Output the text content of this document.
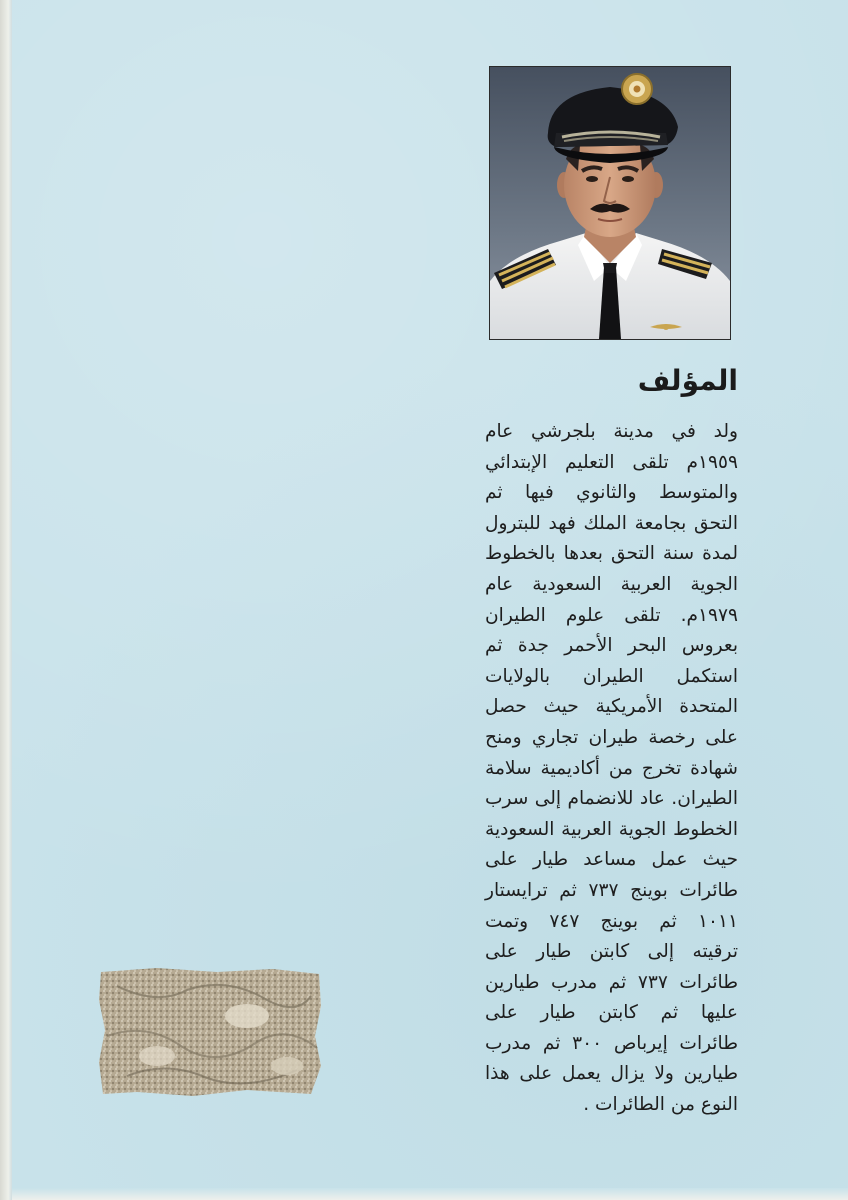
المؤلف
ولد في مدينة بلجرشي عام
١٩٥٩م تلقى التعليم الإبتدائي
والمتوسط والثانوي فيها ثم
التحق بجامعة الملك فهد للبترول
لمدة سنة التحق بعدها بالخطوط
الجوية العربية السعودية عام
١٩٧٩م. تلقى علوم الطيران
بعروس البحر الأحمر جدة ثم
استكمل الطيران بالولايات
المتحدة الأمريكية حيث حصل
على رخصة طيران تجاري ومنح
شهادة تخرج من أكاديمية سلامة
الطيران. عاد للانضمام إلى سرب
الخطوط الجوية العربية السعودية
حيث عمل مساعد طيار على
طائرات بوينج ٧٣٧ ثم ترايستار
١٠١١ ثم بوينج ٧٤٧ وتمت
ترقيته إلى كابتن طيار على
طائرات ٧٣٧ ثم مدرب طيارين
عليها ثم كابتن طيار على
طائرات إيرباص ٣٠٠ ثم مدرب
طيارين ولا يزال يعمل على هذا
النوع من الطائرات .
